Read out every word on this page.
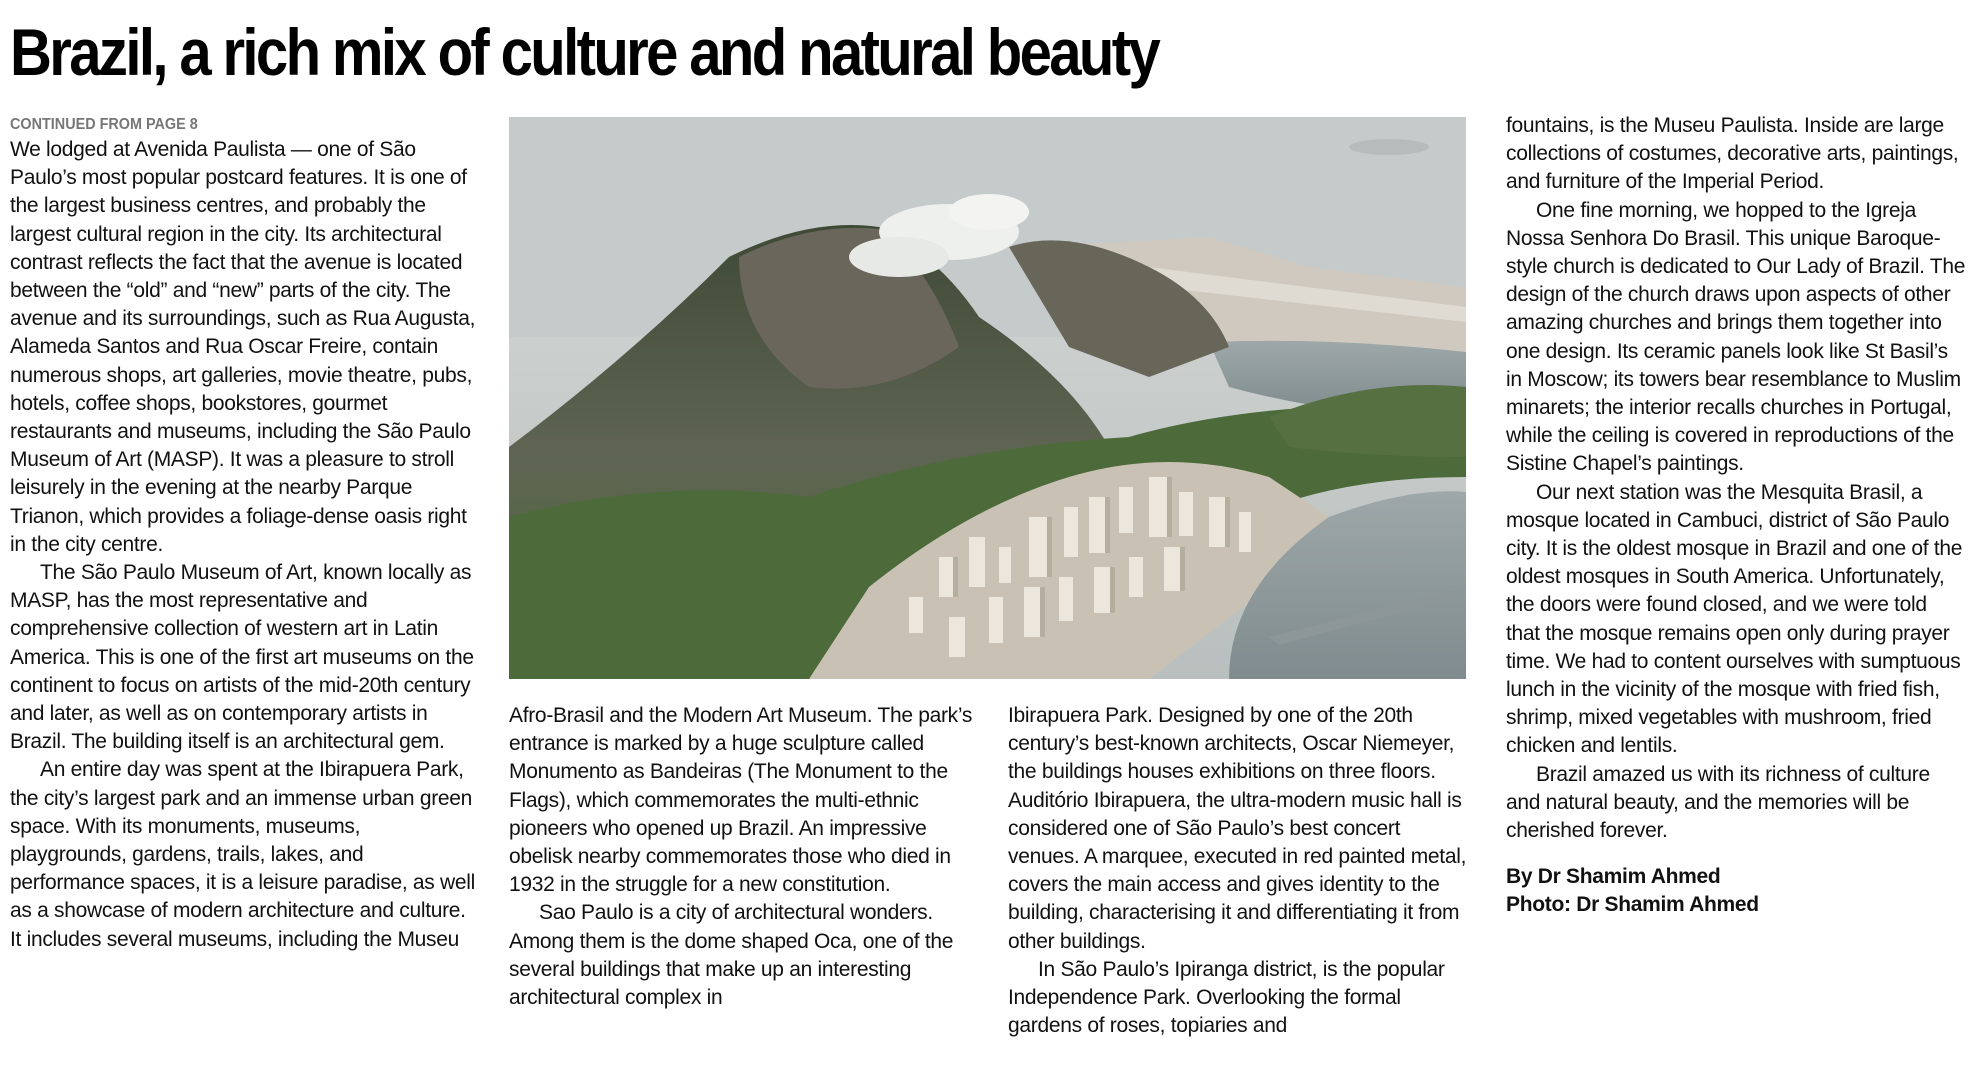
Brazil, a rich mix of culture and natural beauty
CONTINUED FROM PAGE 8

We lodged at Avenida Paulista — one of São Paulo’s most popular postcard features. It is one of the largest business centres, and probably the largest cultural region in the city. Its architectural contrast reflects the fact that the avenue is located between the “old” and “new” parts of the city. The avenue and its surroundings, such as Rua Augusta, Alameda Santos and Rua Oscar Freire, contain numerous shops, art galleries, movie theatre, pubs, hotels, coffee shops, bookstores, gourmet restaurants and museums, including the São Paulo Museum of Art (MASP). It was a pleasure to stroll leisurely in the evening at the nearby Parque Trianon, which provides a foliage-dense oasis right in the city centre.

The São Paulo Museum of Art, known locally as MASP, has the most representative and comprehensive collection of western art in Latin America. This is one of the first art museums on the continent to focus on artists of the mid-20th century and later, as well as on contemporary artists in Brazil. The building itself is an architectural gem.

An entire day was spent at the Ibirapuera Park, the city’s largest park and an immense urban green space. With its monuments, museums, playgrounds, gardens, trails, lakes, and performance spaces, it is a leisure paradise, as well as a showcase of modern architecture and culture. It includes several museums, including the Museu

Afro-Brasil and the Modern Art Museum. The park’s entrance is marked by a huge sculpture called Monumento as Bandeiras (The Monument to the Flags), which commemorates the multi-ethnic pioneers who opened up Brazil. An impressive obelisk nearby commemorates those who died in 1932 in the struggle for a new constitution.

Sao Paulo is a city of architectural wonders. Among them is the dome shaped Oca, one of the several buildings that make up an interesting architectural complex in

Ibirapuera Park. Designed by one of the 20th century’s best-known architects, Oscar Niemeyer, the buildings houses exhibitions on three floors. Auditório Ibirapuera, the ultra-modern music hall is considered one of São Paulo’s best concert venues. A marquee, executed in red painted metal, covers the main access and gives identity to the building, characterising it and differentiating it from other buildings.

In São Paulo’s Ipiranga district, is the popular Independence Park. Overlooking the formal gardens of roses, topiaries and

fountains, is the Museu Paulista. Inside are large collections of costumes, decorative arts, paintings, and furniture of the Imperial Period.

One fine morning, we hopped to the Igreja Nossa Senhora Do Brasil. This unique Baroque-style church is dedicated to Our Lady of Brazil. The design of the church draws upon aspects of other amazing churches and brings them together into one design. Its ceramic panels look like St Basil’s in Moscow; its towers bear resemblance to Muslim minarets; the interior recalls churches in Portugal, while the ceiling is covered in reproductions of the Sistine Chapel’s paintings.

Our next station was the Mesquita Brasil, a mosque located in Cambuci, district of São Paulo city. It is the oldest mosque in Brazil and one of the oldest mosques in South America. Unfortunately, the doors were found closed, and we were told that the mosque remains open only during prayer time. We had to content ourselves with sumptuous lunch in the vicinity of the mosque with fried fish, shrimp, mixed vegetables with mushroom, fried chicken and lentils.

Brazil amazed us with its richness of culture and natural beauty, and the memories will be cherished forever.

By Dr Shamim Ahmed

Photo: Dr Shamim Ahmed
